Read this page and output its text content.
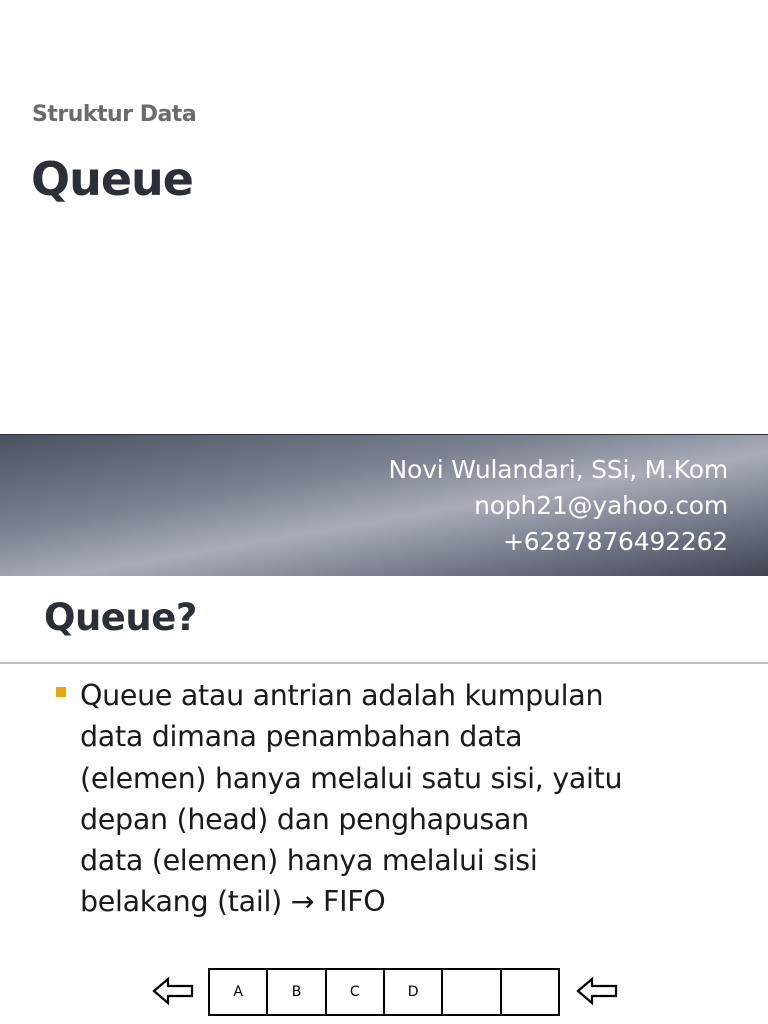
Struktur Data
Queue
Novi Wulandari, SSi, M.Kom
noph21@yahoo.com
+6287876492262
Queue?
Queue atau antrian adalah kumpulan
data dimana penambahan data
(elemen) hanya melalui satu sisi, yaitu
depan (head) dan penghapusan
data (elemen) hanya melalui sisi
belakang (tail) → FIFO
A	B	C	D
